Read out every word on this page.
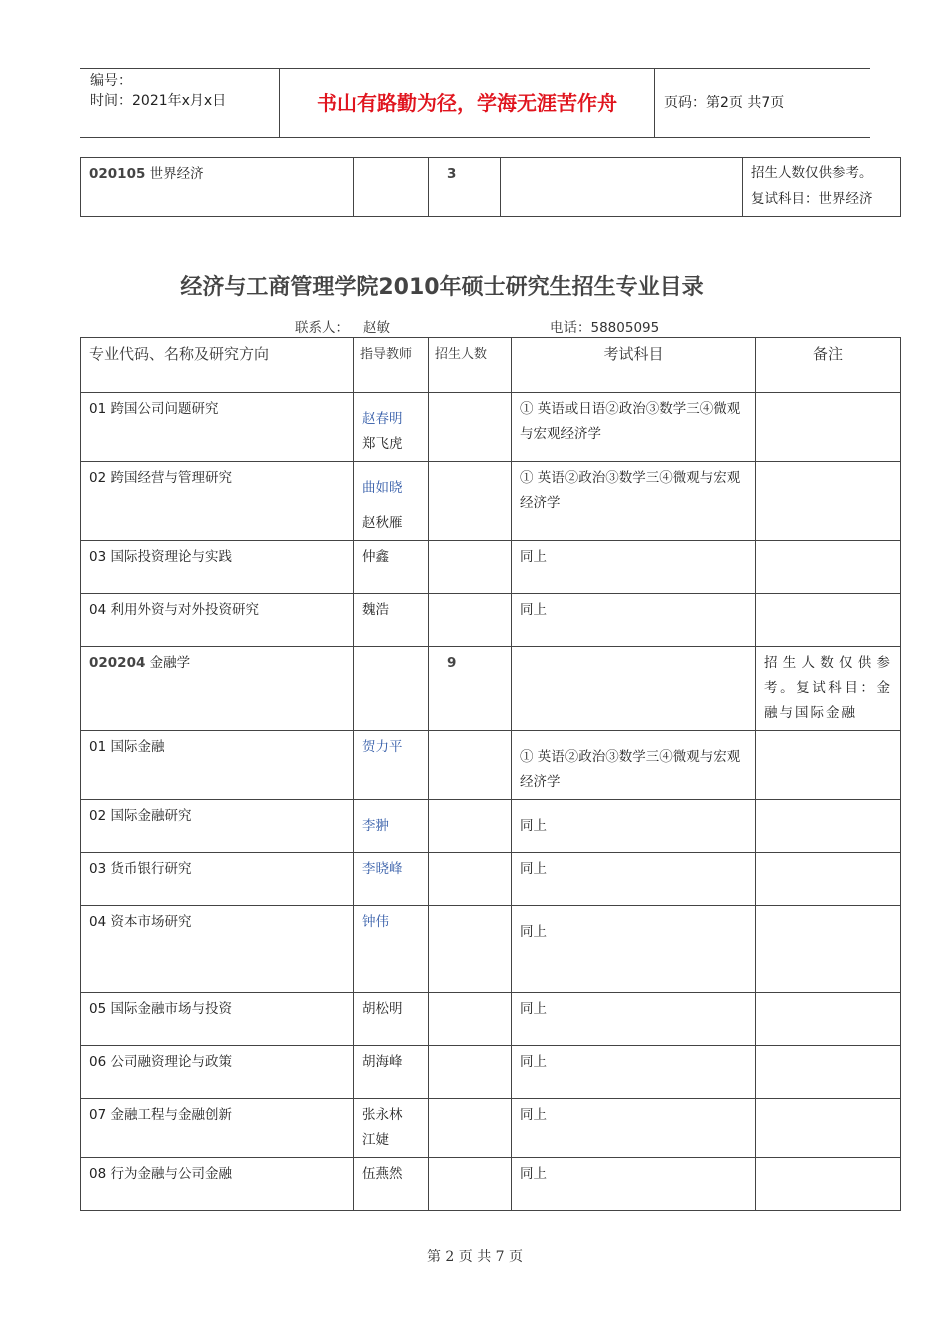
编号：
时间：2021年x月x日	书山有路勤为径，学海无涯苦作舟	页码：第2页 共7页
020105 世界经济		3		招生人数仅供参考。
复试科目：世界经济
经济与工商管理学院2010年硕士研究生招生专业目录
联系人： 赵敏	电话：58805095
专业代码、名称及研究方向	指导教师	招生人数	考试科目	备注

01 跨国公司问题研究	赵春明
郑飞虎		① 英语或日语②政治③数学三④微观与宏观经济学	

02 跨国经营与管理研究	曲如晓
赵秋雁		① 英语②政治③数学三④微观与宏观经济学	

03 国际投资理论与实践	仲鑫		同上	

04 利用外资与对外投资研究	魏浩		同上	

020204 金融学		9		招生人数仅供参考。复试科目：金融与国际金融

01 国际金融	贺力平		① 英语②政治③数学三④微观与宏观经济学	

02 国际金融研究	李翀		同上	

03 货币银行研究	李晓峰		同上	

04 资本市场研究	钟伟		同上	

05 国际金融市场与投资	胡松明		同上	

06 公司融资理论与政策	胡海峰		同上	

07 金融工程与金融创新	张永林
江婕		同上	

08 行为金融与公司金融	伍燕然		同上	

第 2 页 共 7 页
